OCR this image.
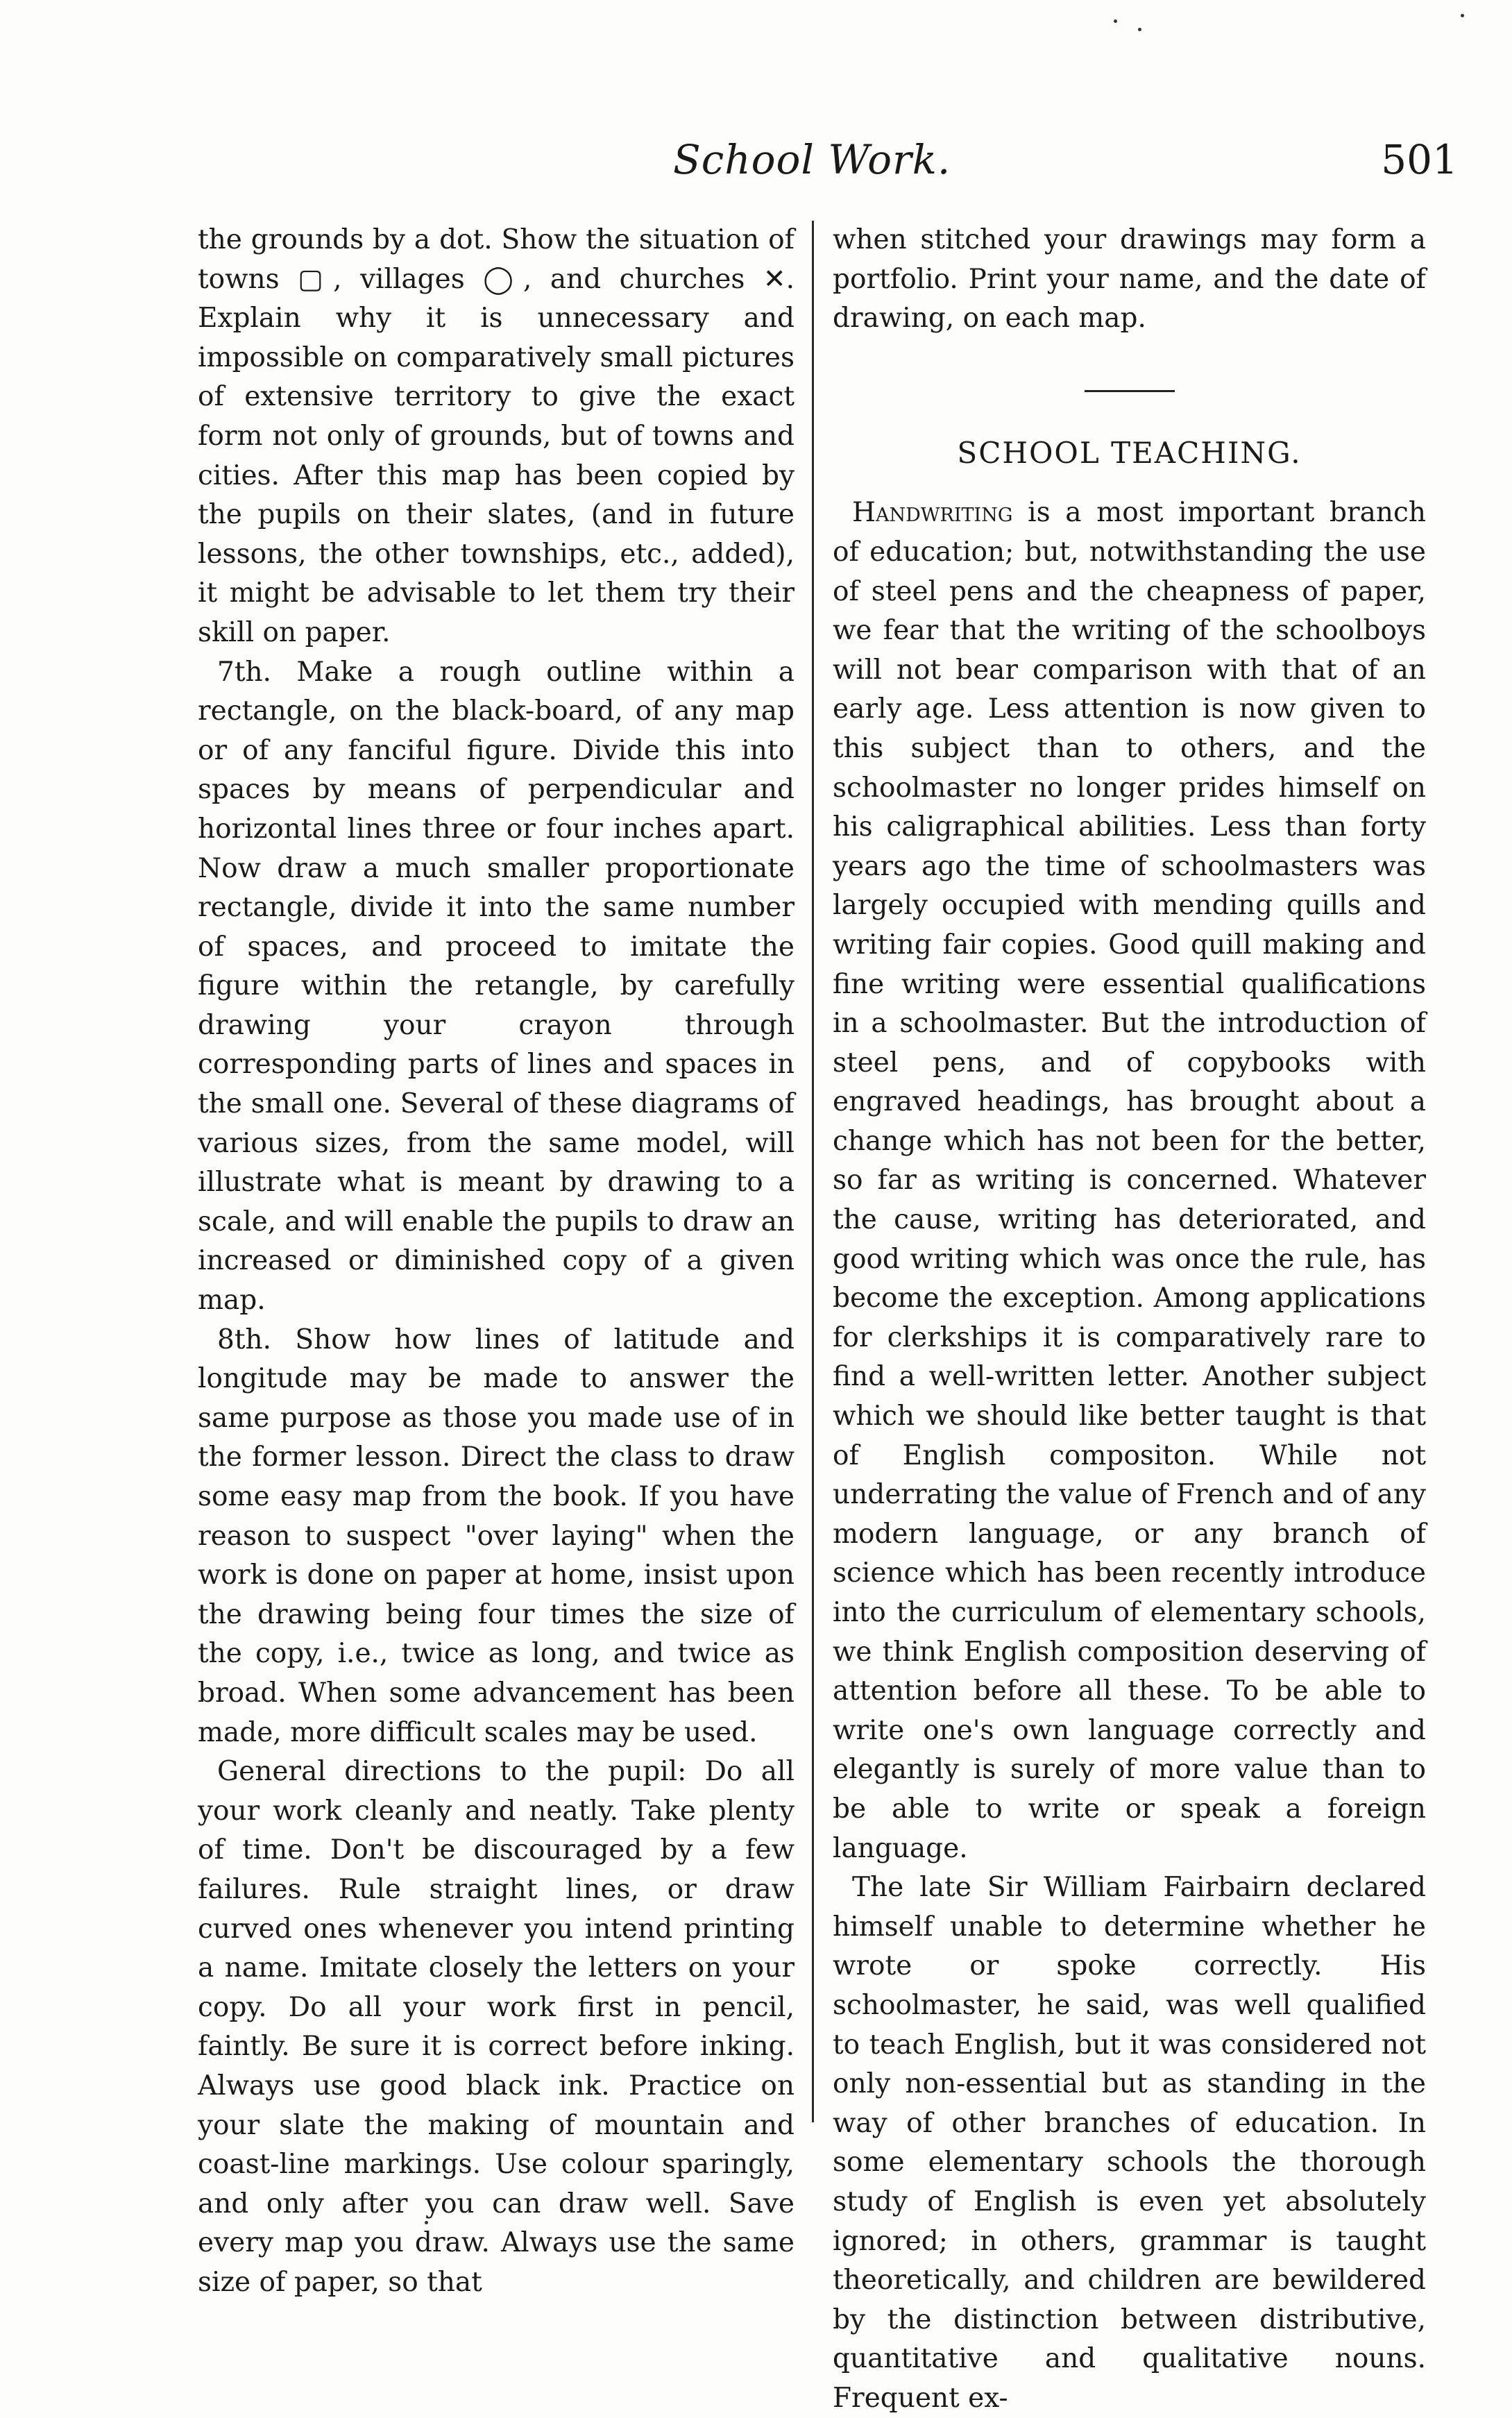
School Work.	501

the grounds by a dot. Show the situation of towns ▢, villages ◯, and churches ✕. Explain why it is unnecessary and impossible on comparatively small pictures of extensive territory to give the exact form not only of grounds, but of towns and cities. After this map has been copied by the pupils on their slates, (and in future lessons, the other townships, etc., added), it might be advisable to let them try their skill on paper.

7th. Make a rough outline within a rectangle, on the black-board, of any map or of any fanciful figure. Divide this into spaces by means of perpendicular and horizontal lines three or four inches apart. Now draw a much smaller proportionate rectangle, divide it into the same number of spaces, and proceed to imitate the figure within the retangle, by carefully drawing your crayon through corresponding parts of lines and spaces in the small one. Several of these diagrams of various sizes, from the same model, will illustrate what is meant by drawing to a scale, and will enable the pupils to draw an increased or diminished copy of a given map.

8th. Show how lines of latitude and longitude may be made to answer the same purpose as those you made use of in the former lesson. Direct the class to draw some easy map from the book. If you have reason to suspect "over laying" when the work is done on paper at home, insist upon the drawing being four times the size of the copy, i.e., twice as long, and twice as broad. When some advancement has been made, more difficult scales may be used.

General directions to the pupil: Do all your work cleanly and neatly. Take plenty of time. Don't be discouraged by a few failures. Rule straight lines, or draw curved ones whenever you intend printing a name. Imitate closely the letters on your copy. Do all your work first in pencil, faintly. Be sure it is correct before inking. Always use good black ink. Practice on your slate the making of mountain and coast-line markings. Use colour sparingly, and only after you can draw well. Save every map you draw. Always use the same size of paper, so that

when stitched your drawings may form a portfolio. Print your name, and the date of drawing, on each map.

SCHOOL TEACHING.

Handwriting is a most important branch of education; but, notwithstanding the use of steel pens and the cheapness of paper, we fear that the writing of the schoolboys will not bear comparison with that of an early age. Less attention is now given to this subject than to others, and the schoolmaster no longer prides himself on his caligraphical abilities. Less than forty years ago the time of schoolmasters was largely occupied with mending quills and writing fair copies. Good quill making and fine writing were essential qualifications in a schoolmaster. But the introduction of steel pens, and of copybooks with engraved headings, has brought about a change which has not been for the better, so far as writing is concerned. Whatever the cause, writing has deteriorated, and good writing which was once the rule, has become the exception. Among applications for clerkships it is comparatively rare to find a well-written letter. Another subject which we should like better taught is that of English compositon. While not underrating the value of French and of any modern language, or any branch of science which has been recently introduce into the curriculum of elementary schools, we think English composition deserving of attention before all these. To be able to write one's own language correctly and elegantly is surely of more value than to be able to write or speak a foreign language.

The late Sir William Fairbairn declared himself unable to determine whether he wrote or spoke correctly. His schoolmaster, he said, was well qualified to teach English, but it was considered not only non-essential but as standing in the way of other branches of education. In some elementary schools the thorough study of English is even yet absolutely ignored; in others, grammar is taught theoretically, and children are bewildered by the distinction between distributive, quantitative and qualitative nouns. Frequent ex-
